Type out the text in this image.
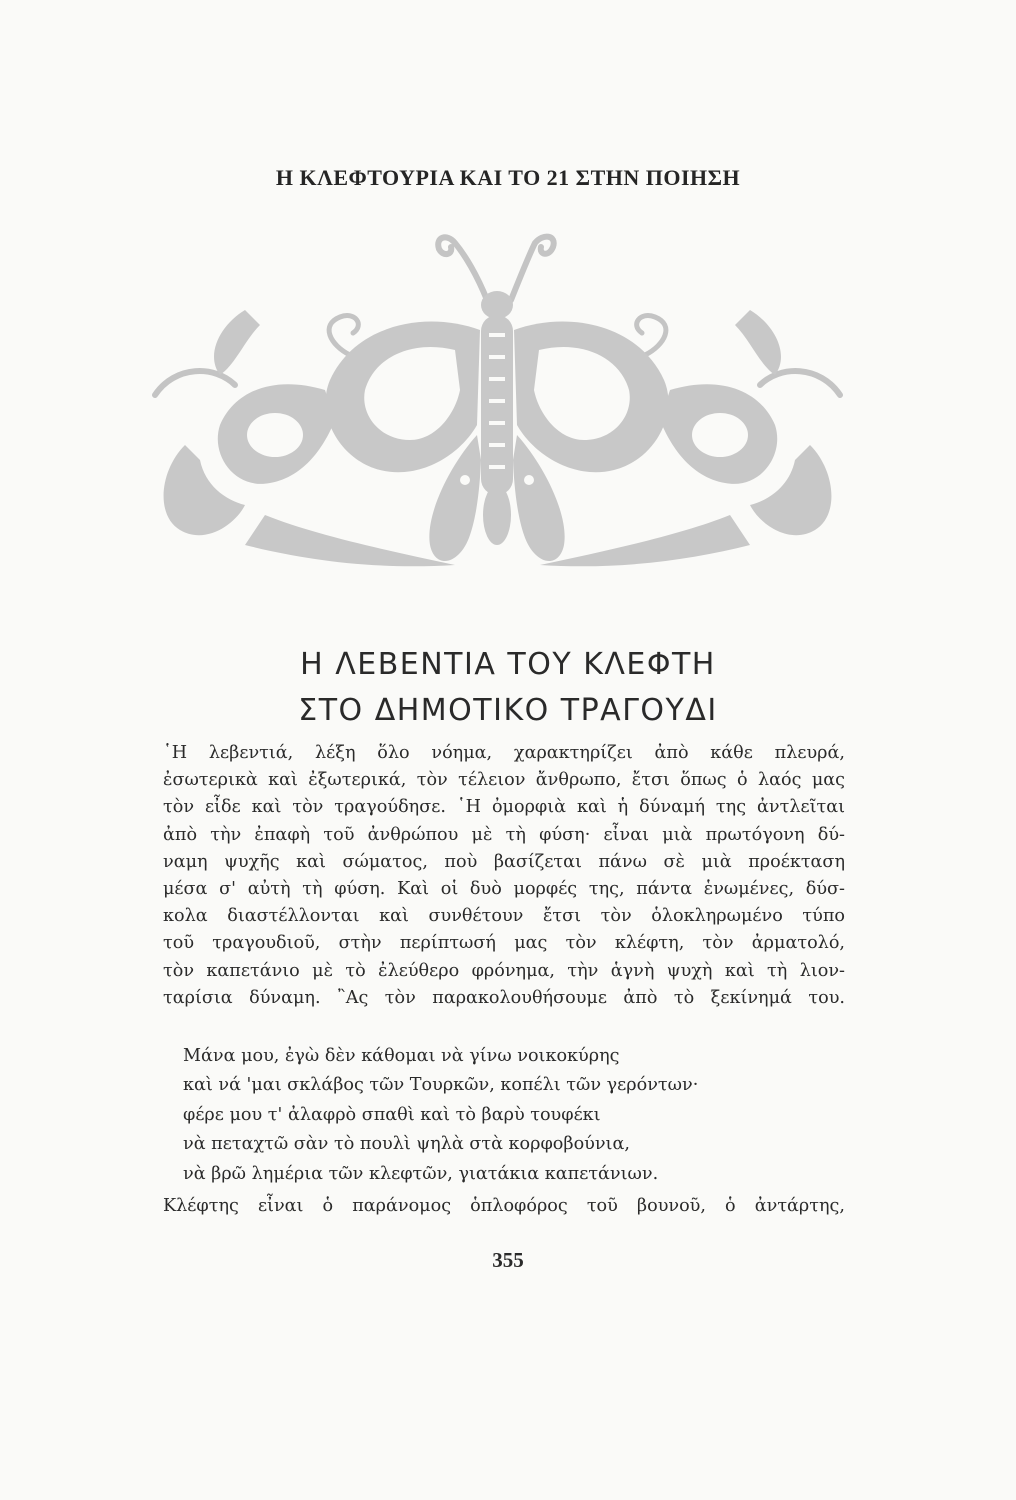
Η ΚΛΕΦΤΟΥΡΙΑ ΚΑΙ ΤΟ 21 ΣΤΗΝ ΠΟΙΗΣΗ
Η ΛΕΒΕΝΤΙΑ ΤΟΥ ΚΛΕΦΤΗ
ΣΤΟ ΔΗΜΟΤΙΚΟ ΤΡΑΓΟΥΔΙ
῾Η λεβεντιά, λέξη ὅλο νόημα, χαρακτηρίζει ἀπὸ κάθε πλευρά,
ἐσωτερικὰ καὶ ἐξωτερικά, τὸν τέλειον ἄνθρωπο, ἔτσι ὅπως ὁ λαός μας
τὸν εἶδε καὶ τὸν τραγούδησε. ῾Η ὀμορφιὰ καὶ ἡ δύναμή της ἀντλεῖται
ἀπὸ τὴν ἐπαφὴ τοῦ ἀνθρώπου μὲ τὴ φύση· εἶναι μιὰ πρωτόγονη δύ-
ναμη ψυχῆς καὶ σώματος, ποὺ βασίζεται πάνω σὲ μιὰ προέκταση
μέσα σ' αὐτὴ τὴ φύση. Καὶ οἱ δυὸ μορφές της, πάντα ἑνωμένες, δύσ-
κολα διαστέλλονται καὶ συνθέτουν ἔτσι τὸν ὁλοκληρωμένο τύπο
τοῦ τραγουδιοῦ, στὴν περίπτωσή μας τὸν κλέφτη, τὸν ἀρματολό,
τὸν καπετάνιο μὲ τὸ ἐλεύθερο φρόνημα, τὴν ἁγνὴ ψυχὴ καὶ τὴ λιον-
ταρίσια δύναμη. ῍Ας τὸν παρακολουθήσουμε ἀπὸ τὸ ξεκίνημά του.
Μάνα μου, ἐγὼ δὲν κάθομαι νὰ γίνω νοικοκύρης
καὶ νά 'μαι σκλάβος τῶν Τουρκῶν, κοπέλι τῶν γερόντων·
φέρε μου τ' ἀλαφρὸ σπαθὶ καὶ τὸ βαρὺ τουφέκι
νὰ πεταχτῶ σὰν τὸ πουλὶ ψηλὰ στὰ κορφοβούνια,
νὰ βρῶ λημέρια τῶν κλεφτῶν, γιατάκια καπετάνιων.
Κλέφτης εἶναι ὁ παράνομος ὁπλοφόρος τοῦ βουνοῦ, ὁ ἀντάρτης,
355
